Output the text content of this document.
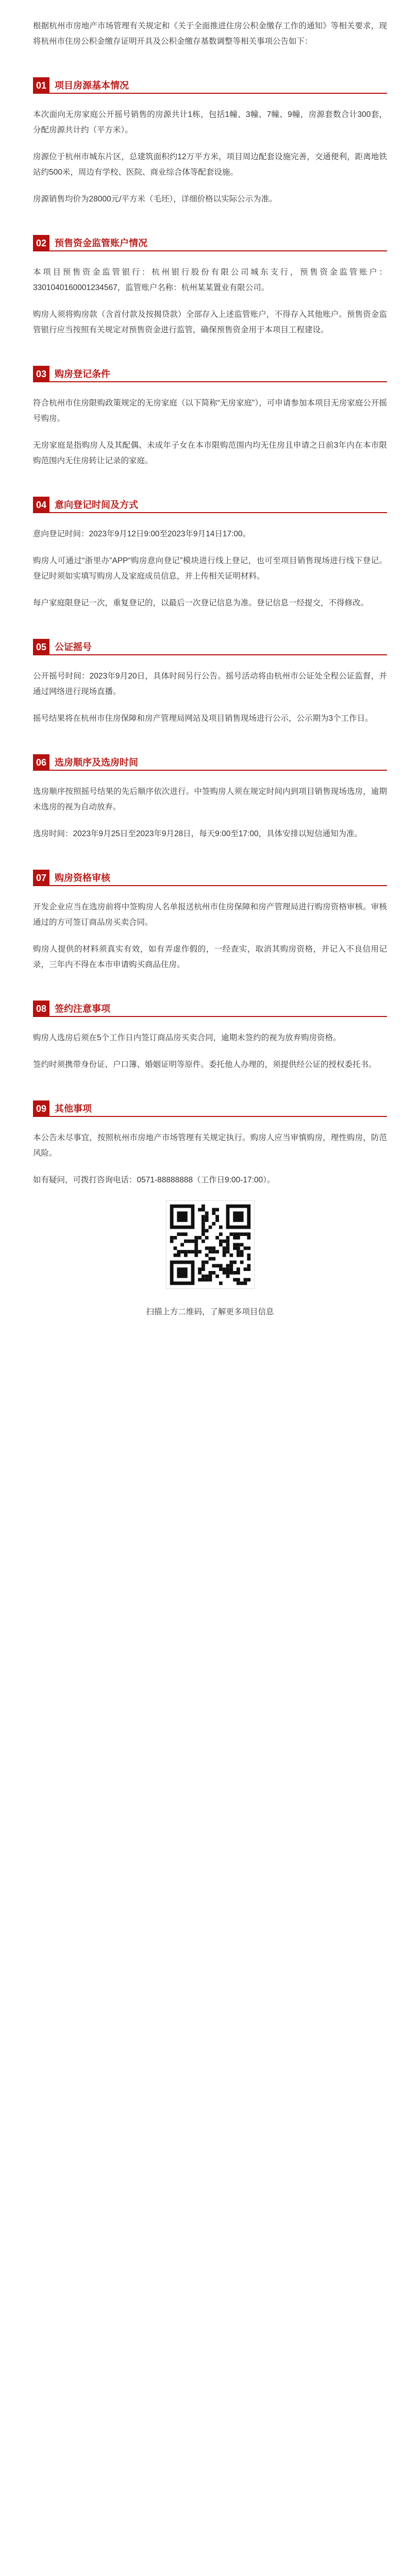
根据杭州市房地产市场管理有关规定和《关于全面推进住房公积金缴存工作的通知》等相关要求，现将杭州市住房公积金缴存证明开具及公积金缴存基数调整等相关事项公告如下：

01 项目房源基本情况

本次面向无房家庭公开摇号销售的房源共计1栋，包括1幢、3幢、7幢、9幢，房源套数合计300套，分配房源共计约（平方米）。

房源位于杭州市城东片区，总建筑面积约12万平方米，项目周边配套设施完善，交通便利，距离地铁站约500米，周边有学校、医院、商业综合体等配套设施。

房源销售均价为28000元/平方米（毛坯），详细价格以实际公示为准。

02 预售资金监管账户情况

本项目预售资金监管银行：杭州银行股份有限公司城东支行，预售资金监管账户：3301040160001234567，监管账户名称：杭州某某置业有限公司。

购房人须将购房款（含首付款及按揭贷款）全部存入上述监管账户，不得存入其他账户。预售资金监管银行应当按照有关规定对预售资金进行监管，确保预售资金用于本项目工程建设。

03 购房登记条件

符合杭州市住房限购政策规定的无房家庭（以下简称“无房家庭”），可申请参加本项目无房家庭公开摇号购房。

无房家庭是指购房人及其配偶、未成年子女在本市限购范围内均无住房且申请之日前3年内在本市限购范围内无住房转让记录的家庭。

04 意向登记时间及方式

意向登记时间：2023年9月12日9:00至2023年9月14日17:00。

购房人可通过“浙里办”APP“购房意向登记”模块进行线上登记，也可至项目销售现场进行线下登记。登记时须如实填写购房人及家庭成员信息，并上传相关证明材料。

每户家庭限登记一次，重复登记的，以最后一次登记信息为准。登记信息一经提交，不得修改。

05 公证摇号

公开摇号时间：2023年9月20日，具体时间另行公告。摇号活动将由杭州市公证处全程公证监督，并通过网络进行现场直播。

摇号结果将在杭州市住房保障和房产管理局网站及项目销售现场进行公示，公示期为3个工作日。

06 选房顺序及选房时间

选房顺序按照摇号结果的先后顺序依次进行。中签购房人须在规定时间内到项目销售现场选房，逾期未选房的视为自动放弃。

选房时间：2023年9月25日至2023年9月28日，每天9:00至17:00，具体安排以短信通知为准。

07 购房资格审核

开发企业应当在选房前将中签购房人名单报送杭州市住房保障和房产管理局进行购房资格审核。审核通过的方可签订商品房买卖合同。

购房人提供的材料须真实有效，如有弄虚作假的，一经查实，取消其购房资格，并记入不良信用记录，三年内不得在本市申请购买商品住房。

08 签约注意事项

购房人选房后须在5个工作日内签订商品房买卖合同，逾期未签约的视为放弃购房资格。

签约时须携带身份证、户口簿、婚姻证明等原件。委托他人办理的，须提供经公证的授权委托书。

09 其他事项

本公告未尽事宜，按照杭州市房地产市场管理有关规定执行。购房人应当审慎购房，理性购房，防范风险。

如有疑问，可拨打咨询电话：0571-88888888（工作日9:00-17:00）。

扫描上方二维码，了解更多项目信息
